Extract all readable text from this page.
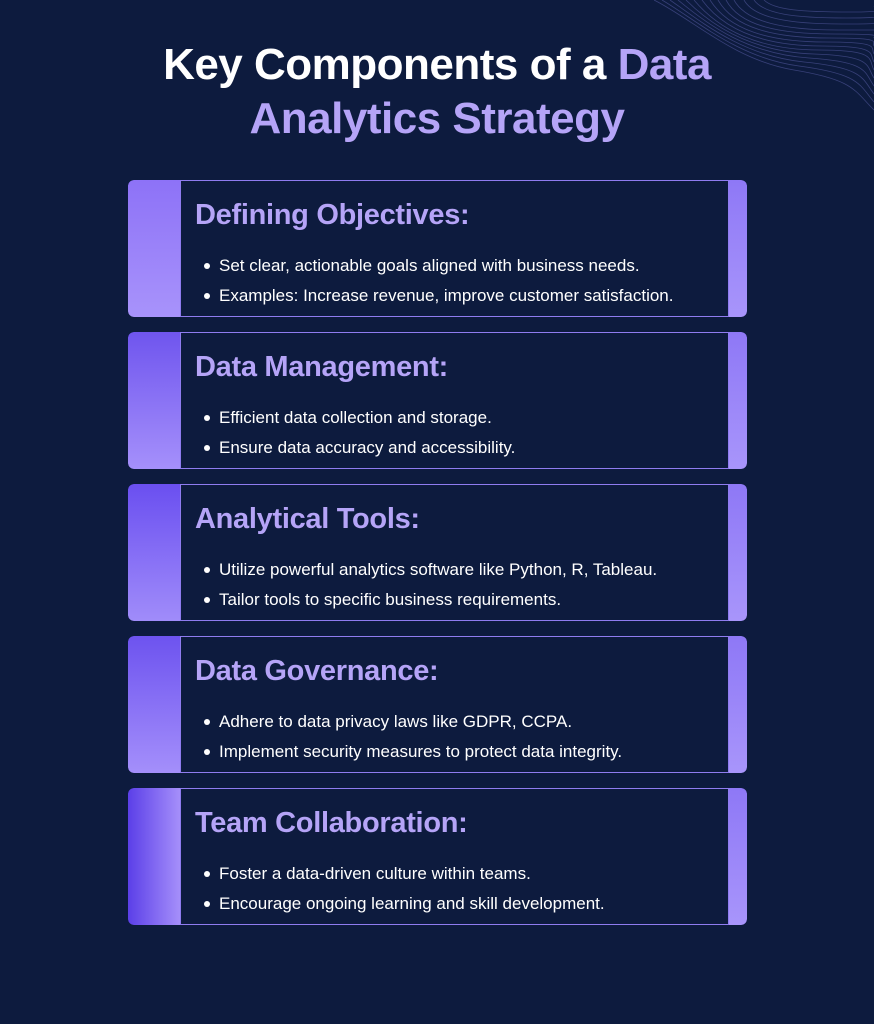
Key Components of a Data
Analytics Strategy
Defining Objectives:
Set clear, actionable goals aligned with business needs.
Examples: Increase revenue, improve customer satisfaction.
Data Management:
Efficient data collection and storage.
Ensure data accuracy and accessibility.
Analytical Tools:
Utilize powerful analytics software like Python, R, Tableau.
Tailor tools to specific business requirements.
Data Governance:
Adhere to data privacy laws like GDPR, CCPA.
Implement security measures to protect data integrity.
Team Collaboration:
Foster a data-driven culture within teams.
Encourage ongoing learning and skill development.
